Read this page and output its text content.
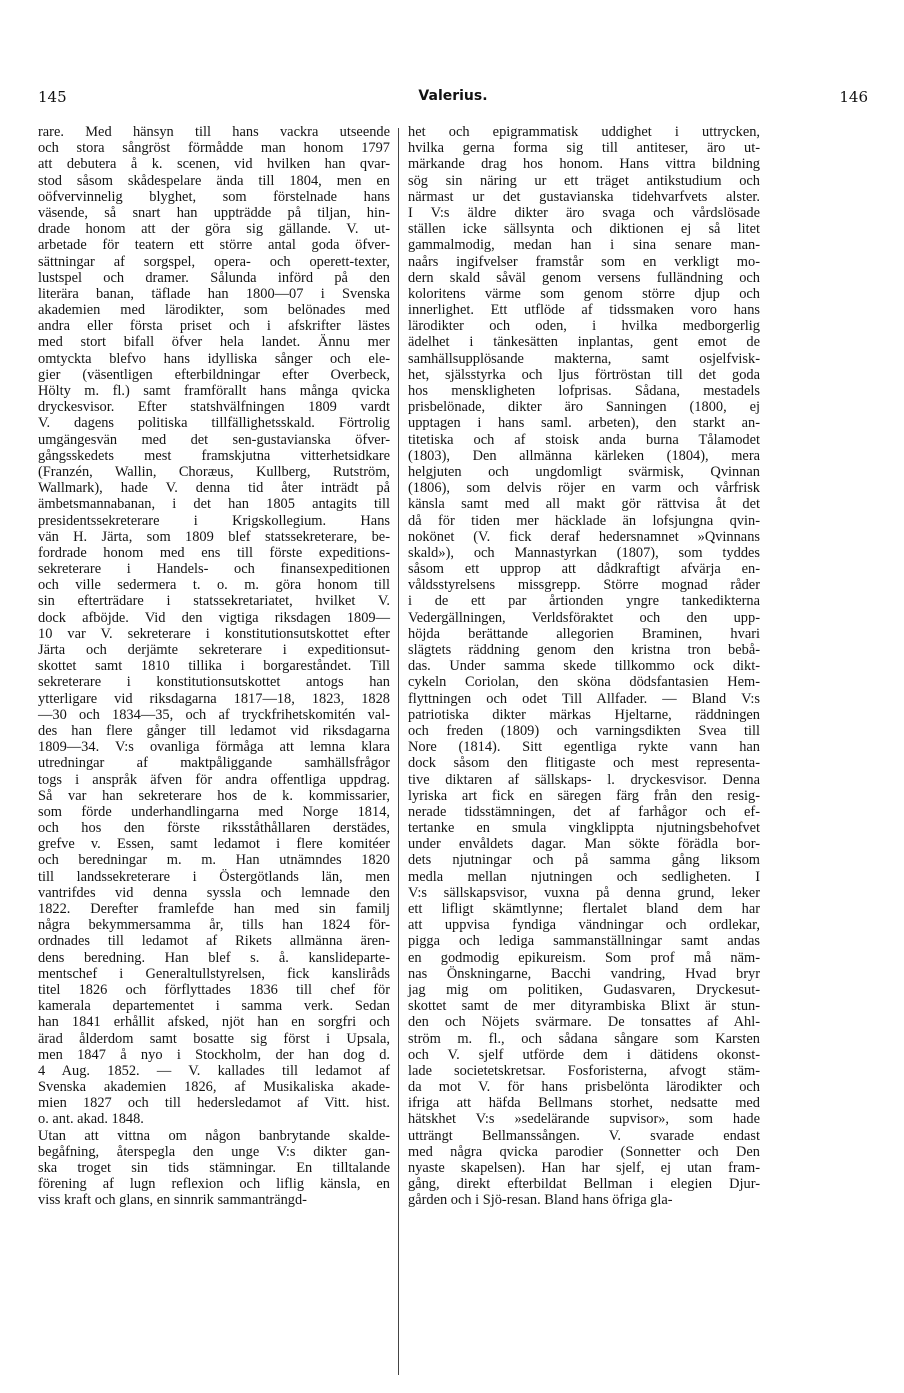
145	Valerius.	146
rare. Med hänsyn till hans vackra utseende
och stora sångröst förmådde man honom 1797
att debutera å k. scenen, vid hvilken han qvar-
stod såsom skådespelare ända till 1804, men en
oöfvervinnelig blyghet, som förstelnade hans
väsende, så snart han uppträdde på tiljan, hin-
drade honom att der göra sig gällande. V. ut-
arbetade för teatern ett större antal goda öfver-
sättningar af sorgspel, opera- och operett-texter,
lustspel och dramer. Sålunda införd på den
literära banan, täflade han 1800—07 i Svenska
akademien med lärodikter, som belönades med
andra eller första priset och i afskrifter lästes
med stort bifall öfver hela landet. Ännu mer
omtyckta blefvo hans idylliska sånger och ele-
gier (väsentligen efterbildningar efter Overbeck,
Hölty m. fl.) samt framförallt hans många qvicka
dryckesvisor. Efter statshvälfningen 1809 vardt
V. dagens politiska tillfällighetsskald. Förtrolig
umgängesvän med det sen-gustavianska öfver-
gångsskedets mest framskjutna vitterhetsidkare
(Franzén, Wallin, Choræus, Kullberg, Rutström,
Wallmark), hade V. denna tid åter inträdt på
ämbetsmannabanan, i det han 1805 antagits till
presidentssekreterare i Krigskollegium. Hans
vän H. Järta, som 1809 blef statssekreterare, be-
fordrade honom med ens till förste expeditions-
sekreterare i Handels- och finansexpeditionen
och ville sedermera t. o. m. göra honom till
sin efterträdare i statssekretariatet, hvilket V.
dock afböjde. Vid den vigtiga riksdagen 1809—
10 var V. sekreterare i konstitutionsutskottet efter
Järta och derjämte sekreterare i expeditionsut-
skottet samt 1810 tillika i borgareståndet. Till
sekreterare i konstitutionsutskottet antogs han
ytterligare vid riksdagarna 1817—18, 1823, 1828
—30 och 1834—35, och af tryckfrihetskomitén val-
des han flere gånger till ledamot vid riksdagarna
1809—34. V:s ovanliga förmåga att lemna klara
utredningar af maktpåliggande samhällsfrågor
togs i anspråk äfven för andra offentliga uppdrag.
Så var han sekreterare hos de k. kommissarier,
som förde underhandlingarna med Norge 1814,
och hos den förste riksståthållaren derstädes,
grefve v. Essen, samt ledamot i flere komitéer
och beredningar m. m. Han utnämndes 1820
till landssekreterare i Östergötlands län, men
vantrifdes vid denna syssla och lemnade den
1822. Derefter framlefde han med sin familj
några bekymmersamma år, tills han 1824 för-
ordnades till ledamot af Rikets allmänna ären-
dens beredning. Han blef s. å. kanslideparte-
mentschef i Generaltullstyrelsen, fick kansliråds
titel 1826 och förflyttades 1836 till chef för
kamerala departementet i samma verk. Sedan
han 1841 erhållit afsked, njöt han en sorgfri och
ärad ålderdom samt bosatte sig först i Upsala,
men 1847 å nyo i Stockholm, der han dog d.
4 Aug. 1852. — V. kallades till ledamot af
Svenska akademien 1826, af Musikaliska akade-
mien 1827 och till hedersledamot af Vitt. hist.
o. ant. akad. 1848.
Utan att vittna om någon banbrytande skalde-
begåfning, återspegla den unge V:s dikter gan-
ska troget sin tids stämningar. En tilltalande
förening af lugn reflexion och liflig känsla, en
viss kraft och glans, en sinnrik sammanträngd-
het och epigrammatisk uddighet i uttrycken,
hvilka gerna forma sig till antiteser, äro ut-
märkande drag hos honom. Hans vittra bildning
sög sin näring ur ett träget antikstudium och
närmast ur det gustavianska tidehvarfvets alster.
I V:s äldre dikter äro svaga och vårdslösade
ställen icke sällsynta och diktionen ej så litet
gammalmodig, medan han i sina senare man-
naårs ingifvelser framstår som en verkligt mo-
dern skald såväl genom versens fulländning och
koloritens värme som genom större djup och
innerlighet. Ett utflöde af tidssmaken voro hans
lärodikter och oden, i hvilka medborgerlig
ädelhet i tänkesätten inplantas, gent emot de
samhällsupplösande makterna, samt osjelfvisk-
het, själsstyrka och ljus förtröstan till det goda
hos menskligheten lofprisas. Sådana, mestadels
prisbelönade, dikter äro Sanningen (1800, ej
upptagen i hans saml. arbeten), den starkt an-
titetiska och af stoisk anda burna Tålamodet
(1803), Den allmänna kärleken (1804), mera
helgjuten och ungdomligt svärmisk, Qvinnan
(1806), som delvis röjer en varm och vårfrisk
känsla samt med all makt gör rättvisa åt det
då för tiden mer häcklade än lofsjungna qvin-
nokönet (V. fick deraf hedersnamnet »Qvinnans
skald»), och Mannastyrkan (1807), som tyddes
såsom ett upprop att dådkraftigt afvärja en-
våldsstyrelsens missgrepp. Större mognad råder
i de ett par årtionden yngre tankedikterna
Vedergällningen, Verldsföraktet och den upp-
höjda berättande allegorien Braminen, hvari
slägtets räddning genom den kristna tron bebå-
das. Under samma skede tillkommo ock dikt-
cykeln Coriolan, den sköna dödsfantasien Hem-
flyttningen och odet Till Allfader. — Bland V:s
patriotiska dikter märkas Hjeltarne, räddningen
och freden (1809) och varningsdikten Svea till
Nore (1814). Sitt egentliga rykte vann han
dock såsom den flitigaste och mest representa-
tive diktaren af sällskaps- l. dryckesvisor. Denna
lyriska art fick en säregen färg från den resig-
nerade tidsstämningen, det af farhågor och ef-
tertanke en smula vingklippta njutningsbehofvet
under envåldets dagar. Man sökte förädla bor-
dets njutningar och på samma gång liksom
medla mellan njutningen och sedligheten. I
V:s sällskapsvisor, vuxna på denna grund, leker
ett lifligt skämtlynne; flertalet bland dem har
att uppvisa fyndiga vändningar och ordlekar,
pigga och lediga sammanställningar samt andas
en godmodig epikureism. Som prof må näm-
nas Önskningarne, Bacchi vandring, Hvad bryr
jag mig om politiken, Gudasvaren, Dryckesut-
skottet samt de mer dityrambiska Blixt är stun-
den och Nöjets svärmare. De tonsattes af Ahl-
ström m. fl., och sådana sångare som Karsten
och V. sjelf utförde dem i dätidens okonst-
lade societetskretsar. Fosforisterna, afvogt stäm-
da mot V. för hans prisbelönta lärodikter och
ifriga att häfda Bellmans storhet, nedsatte med
hätskhet V:s »sedelärande supvisor», som hade
utträngt Bellmanssången. V. svarade endast
med några qvicka parodier (Sonnetter och Den
nyaste skapelsen). Han har sjelf, ej utan fram-
gång, direkt efterbildat Bellman i elegien Djur-
gården och i Sjö-resan. Bland hans öfriga gla-
